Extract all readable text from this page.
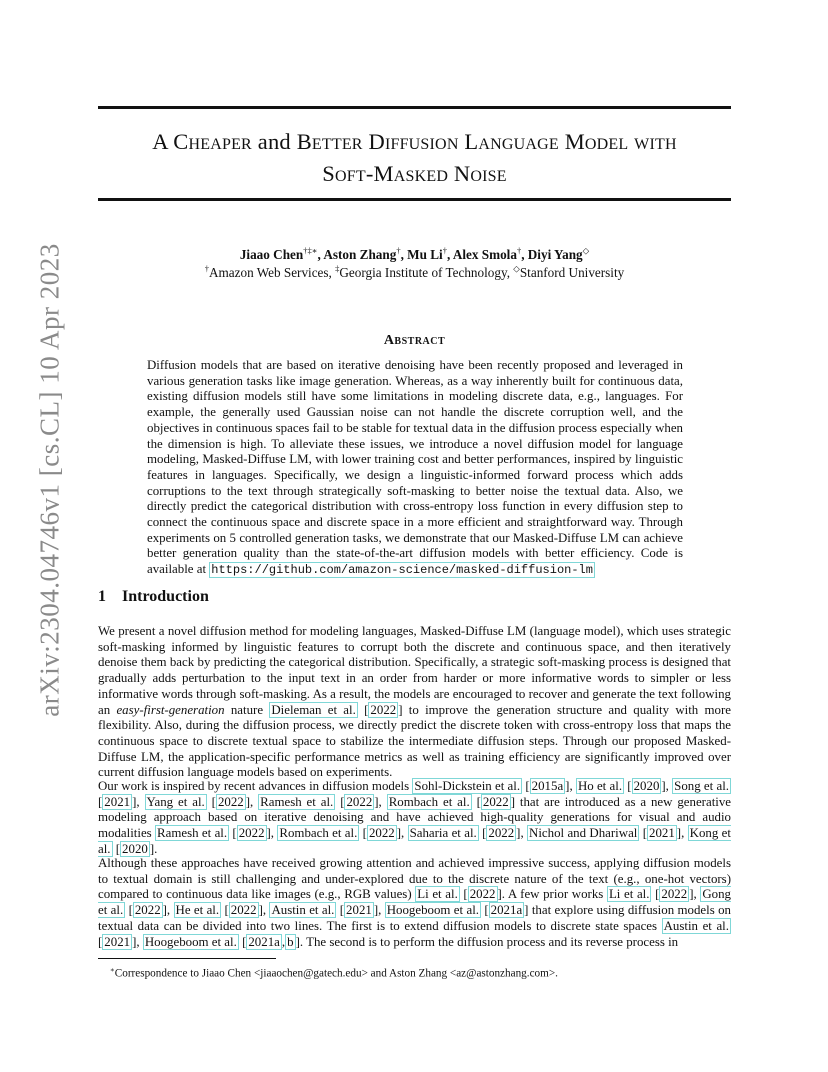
arXiv:2304.04746v1 [cs.CL] 10 Apr 2023
A Cheaper and Better Diffusion Language Model with
Soft-Masked Noise
Jiaao Chen†‡∗, Aston Zhang†, Mu Li†, Alex Smola†, Diyi Yang◇
†Amazon Web Services, ‡Georgia Institute of Technology, ◇Stanford University
Abstract
Diffusion models that are based on iterative denoising have been recently proposed and leveraged in various generation tasks like image generation. Whereas, as a way inherently built for continuous data, existing diffusion models still have some limitations in modeling discrete data, e.g., languages. For example, the generally used Gaussian noise can not handle the discrete corruption well, and the objectives in continuous spaces fail to be stable for textual data in the diffusion process especially when the dimension is high. To alleviate these issues, we introduce a novel diffusion model for language modeling, Masked-Diffuse LM, with lower training cost and better performances, inspired by linguistic features in languages. Specifically, we design a linguistic-informed forward process which adds corruptions to the text through strategically soft-masking to better noise the textual data. Also, we directly predict the categorical distribution with cross-entropy loss function in every diffusion step to connect the continuous space and discrete space in a more efficient and straightforward way. Through experiments on 5 controlled generation tasks, we demonstrate that our Masked-Diffuse LM can achieve better generation quality than the state-of-the-art diffusion models with better efficiency. Code is available at https://github.com/amazon-science/masked-diffusion-lm
1 Introduction

We present a novel diffusion method for modeling languages, Masked-Diffuse LM (language model), which uses strategic soft-masking informed by linguistic features to corrupt both the discrete and continuous space, and then iteratively denoise them back by predicting the categorical distribution. Specifically, a strategic soft-masking process is designed that gradually adds perturbation to the input text in an order from harder or more informative words to simpler or less informative words through soft-masking. As a result, the models are encouraged to recover and generate the text following an easy-first-generation nature Dieleman et al. [ 2022 ] to improve the generation structure and quality with more flexibility. Also, during the diffusion process, we directly predict the discrete token with cross-entropy loss that maps the continuous space to discrete textual space to stabilize the intermediate diffusion steps. Through our proposed Masked-Diffuse LM, the application-specific performance metrics as well as training efficiency are significantly improved over current diffusion language models based on experiments.

Our work is inspired by recent advances in diffusion models Sohl-Dickstein et al. [ 2015a ], Ho et al. [ 2020 ], Song et al. [ 2021 ], Yang et al. [ 2022 ], Ramesh et al. [ 2022 ], Rombach et al. [ 2022 ] that are introduced as a new generative modeling approach based on iterative denoising and have achieved high-quality generations for visual and audio modalities Ramesh et al. [ 2022 ], Rombach et al. [ 2022 ], Saharia et al. [ 2022 ], Nichol and Dhariwal [ 2021 ], Kong et al. [ 2020 ].

Although these approaches have received growing attention and achieved impressive success, applying diffusion models to textual domain is still challenging and under-explored due to the discrete nature of the text (e.g., one-hot vectors) compared to continuous data like images (e.g., RGB values) Li et al. [ 2022 ]. A few prior works Li et al. [ 2022 ], Gong et al. [ 2022 ], He et al. [ 2022 ], Austin et al. [ 2021 ], Hoogeboom et al. [ 2021a ] that explore using diffusion models on textual data can be divided into two lines. The first is to extend diffusion models to discrete state spaces Austin et al. [ 2021 ], Hoogeboom et al. [ 2021a , b ]. The second is to perform the diffusion process and its reverse process in

∗Correspondence to Jiaao Chen <jiaaochen@gatech.edu> and Aston Zhang <az@astonzhang.com>.
